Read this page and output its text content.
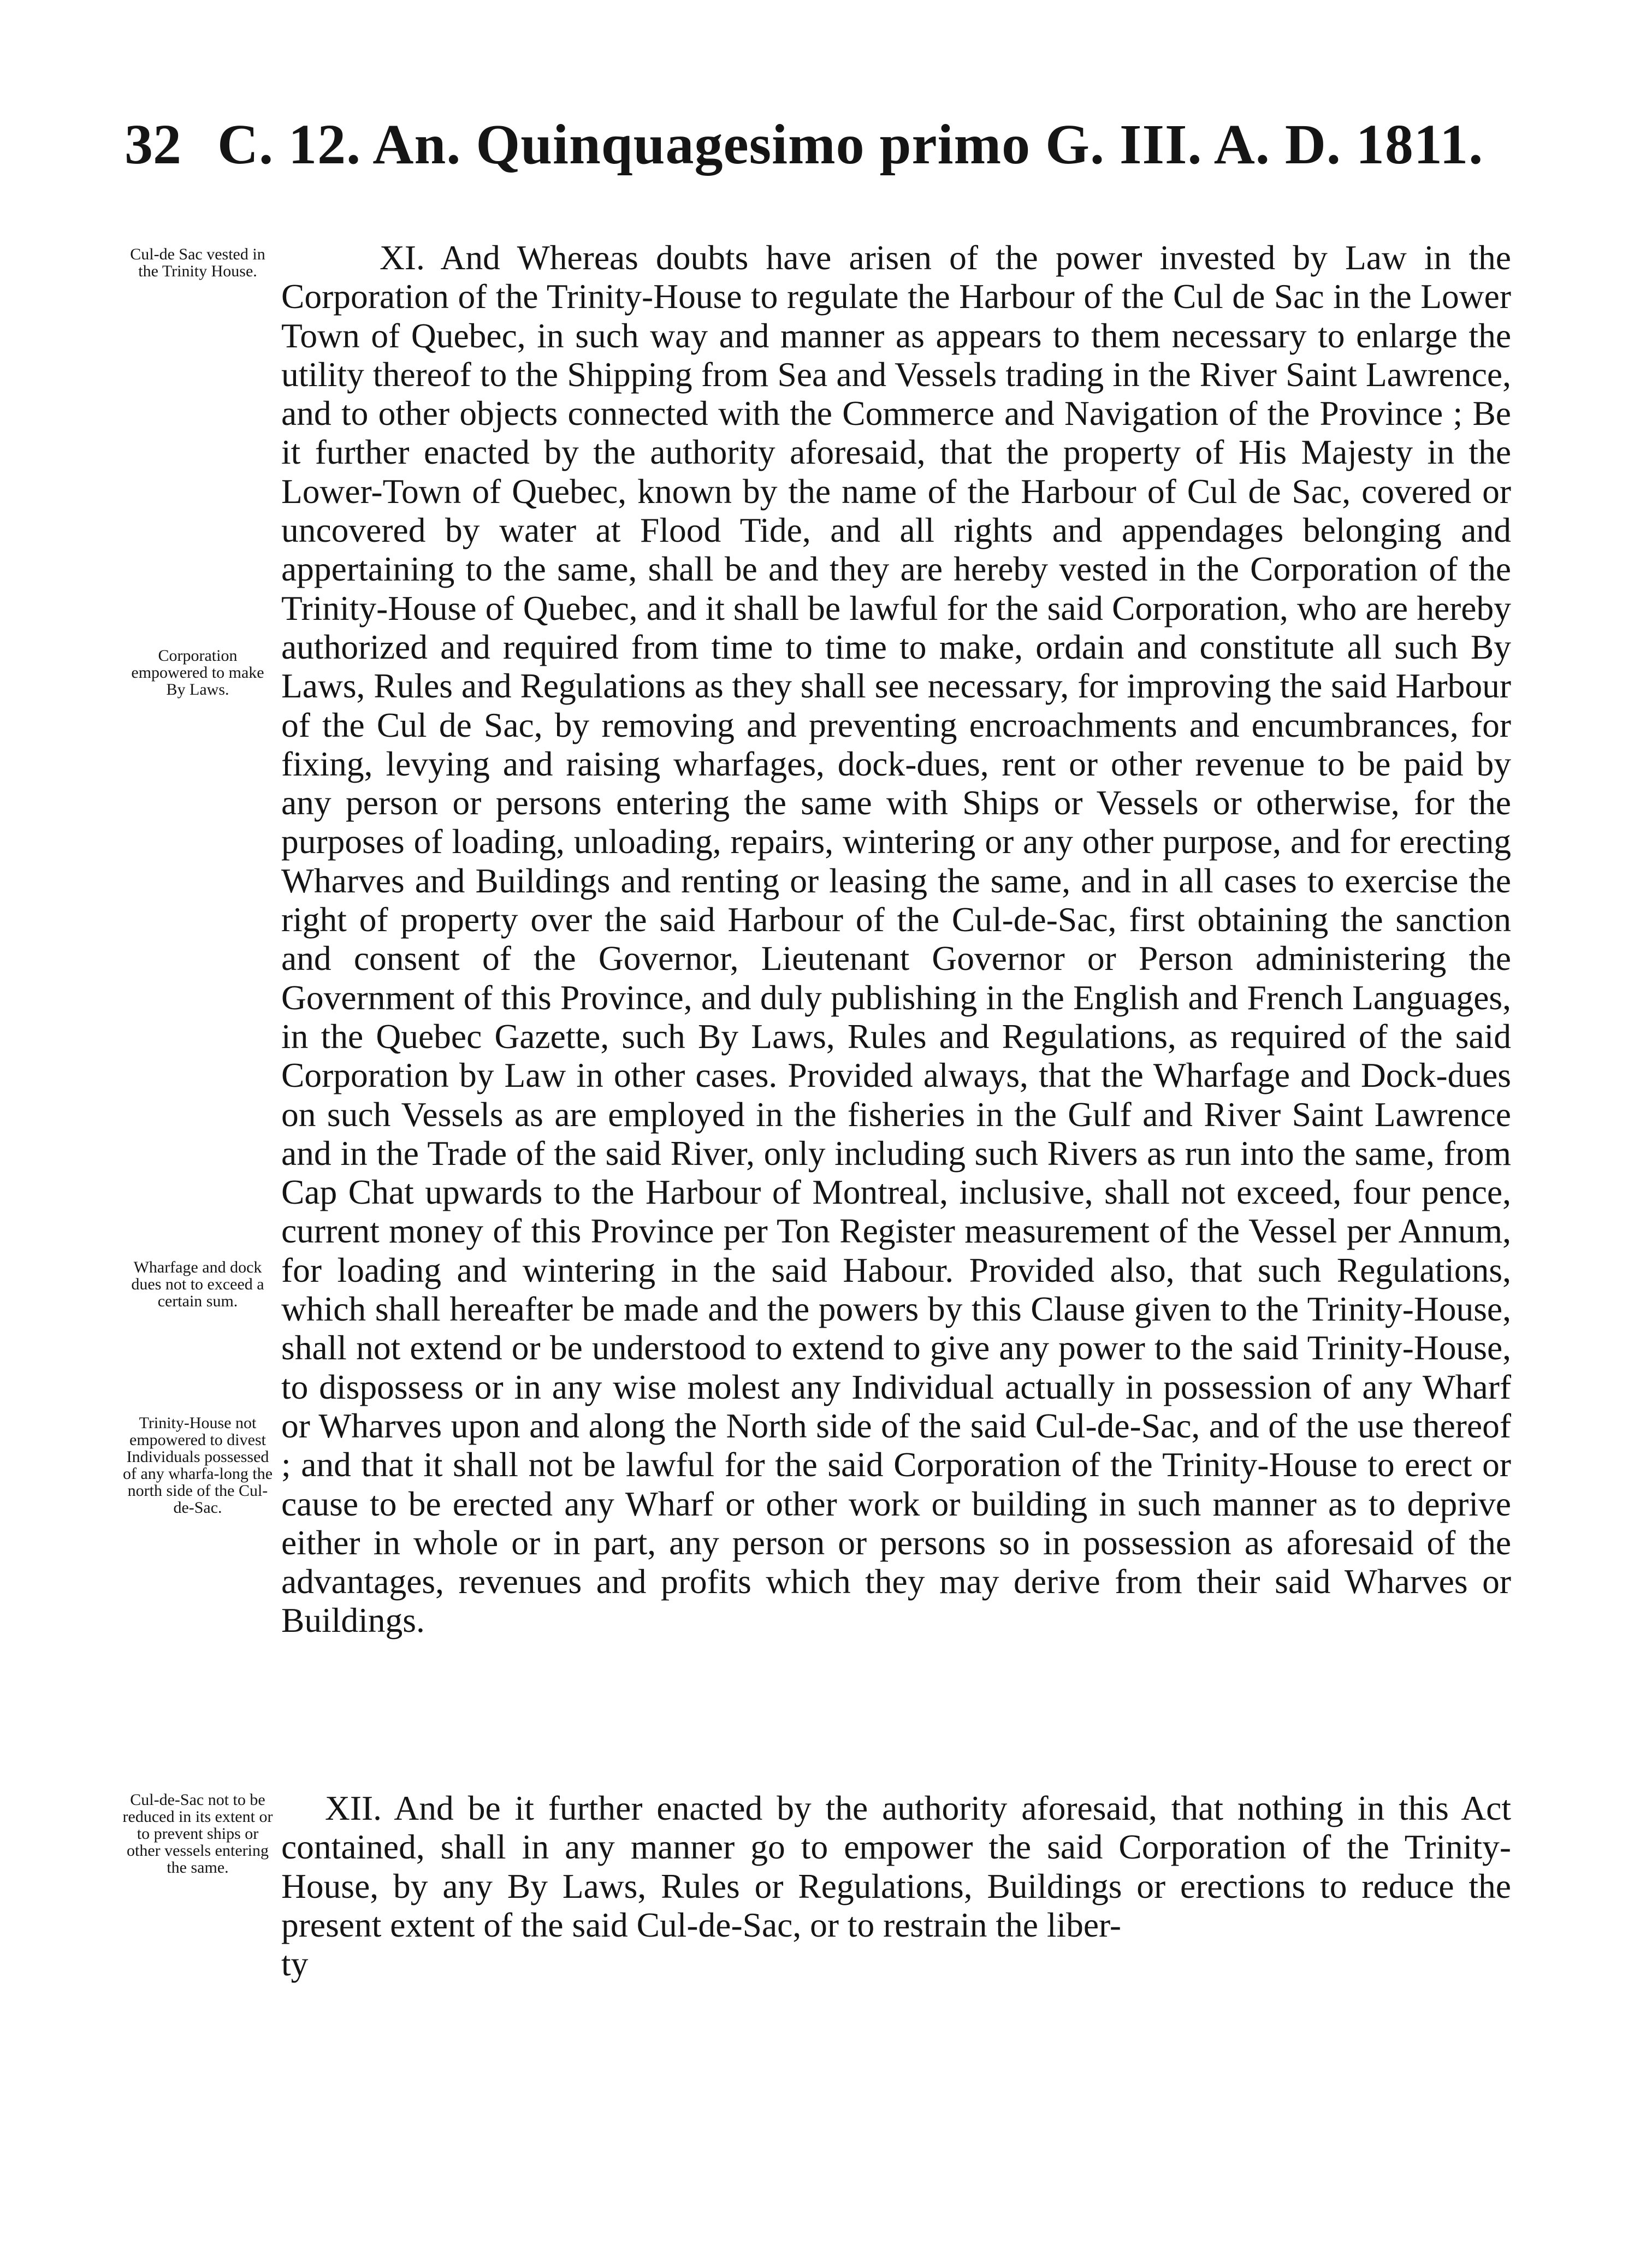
32 C. 12. An. Quinquagesimo primo G. III. A. D. 1811.
Cul-de Sac vested in the Trinity House.
Corporation empowered to make By Laws.
Wharfage and dock dues not to exceed a certain sum.
Trinity-House not empowered to divest Individuals possessed of any wharfa-long the north side of the Cul-de-Sac.
Cul-de-Sac not to be reduced in its extent or to prevent ships or other vessels entering the same.

XI. And Whereas doubts have arisen of the power invested by Law in the Corporation of the Trinity-House to regulate the Harbour of the Cul de Sac in the Lower Town of Quebec, in such way and manner as appears to them necessary to enlarge the utility thereof to the Shipping from Sea and Vessels trading in the River Saint Lawrence, and to other objects connected with the Commerce and Navigation of the Province ; Be it further enacted by the authority aforesaid, that the property of His Majesty in the Lower-Town of Quebec, known by the name of the Harbour of Cul de Sac, covered or uncovered by water at Flood Tide, and all rights and appendages belonging and appertaining to the same, shall be and they are hereby vested in the Corporation of the Trinity-House of Quebec, and it shall be lawful for the said Corporation, who are hereby authorized and required from time to time to make, ordain and constitute all such By Laws, Rules and Regulations as they shall see necessary, for improving the said Harbour of the Cul de Sac, by removing and preventing encroachments and encumbrances, for fixing, levying and raising wharfages, dock-dues, rent or other revenue to be paid by any person or persons entering the same with Ships or Vessels or otherwise, for the purposes of loading, unloading, repairs, wintering or any other purpose, and for erecting Wharves and Buildings and renting or leasing the same, and in all cases to exercise the right of property over the said Harbour of the Cul-de-Sac, first obtaining the sanction and consent of the Governor, Lieutenant Governor or Person administering the Government of this Province, and duly publishing in the English and French Languages, in the Quebec Gazette, such By Laws, Rules and Regulations, as required of the said Corporation by Law in other cases. Provided always, that the Wharfage and Dock-dues on such Vessels as are employed in the fisheries in the Gulf and River Saint Lawrence and in the Trade of the said River, only including such Rivers as run into the same, from Cap Chat upwards to the Harbour of Montreal, inclusive, shall not exceed, four pence, current money of this Province per Ton Register measurement of the Vessel per Annum, for loading and wintering in the said Habour. Provided also, that such Regulations, which shall hereafter be made and the powers by this Clause given to the Trinity-House, shall not extend or be understood to extend to give any power to the said Trinity-House, to dispossess or in any wise molest any Individual actually in possession of any Wharf or Wharves upon and along the North side of the said Cul-de-Sac, and of the use thereof ; and that it shall not be lawful for the said Corporation of the Trinity-House to erect or cause to be erected any Wharf or other work or building in such manner as to deprive either in whole or in part, any person or persons so in possession as aforesaid of the advantages, revenues and profits which they may derive from their said Wharves or Buildings.

XII. And be it further enacted by the authority aforesaid, that nothing in this Act contained, shall in any manner go to empower the said Corporation of the Trinity-House, by any By Laws, Rules or Regulations, Buildings or erections to reduce the present extent of the said Cul-de-Sac, or to restrain the liber-

ty
